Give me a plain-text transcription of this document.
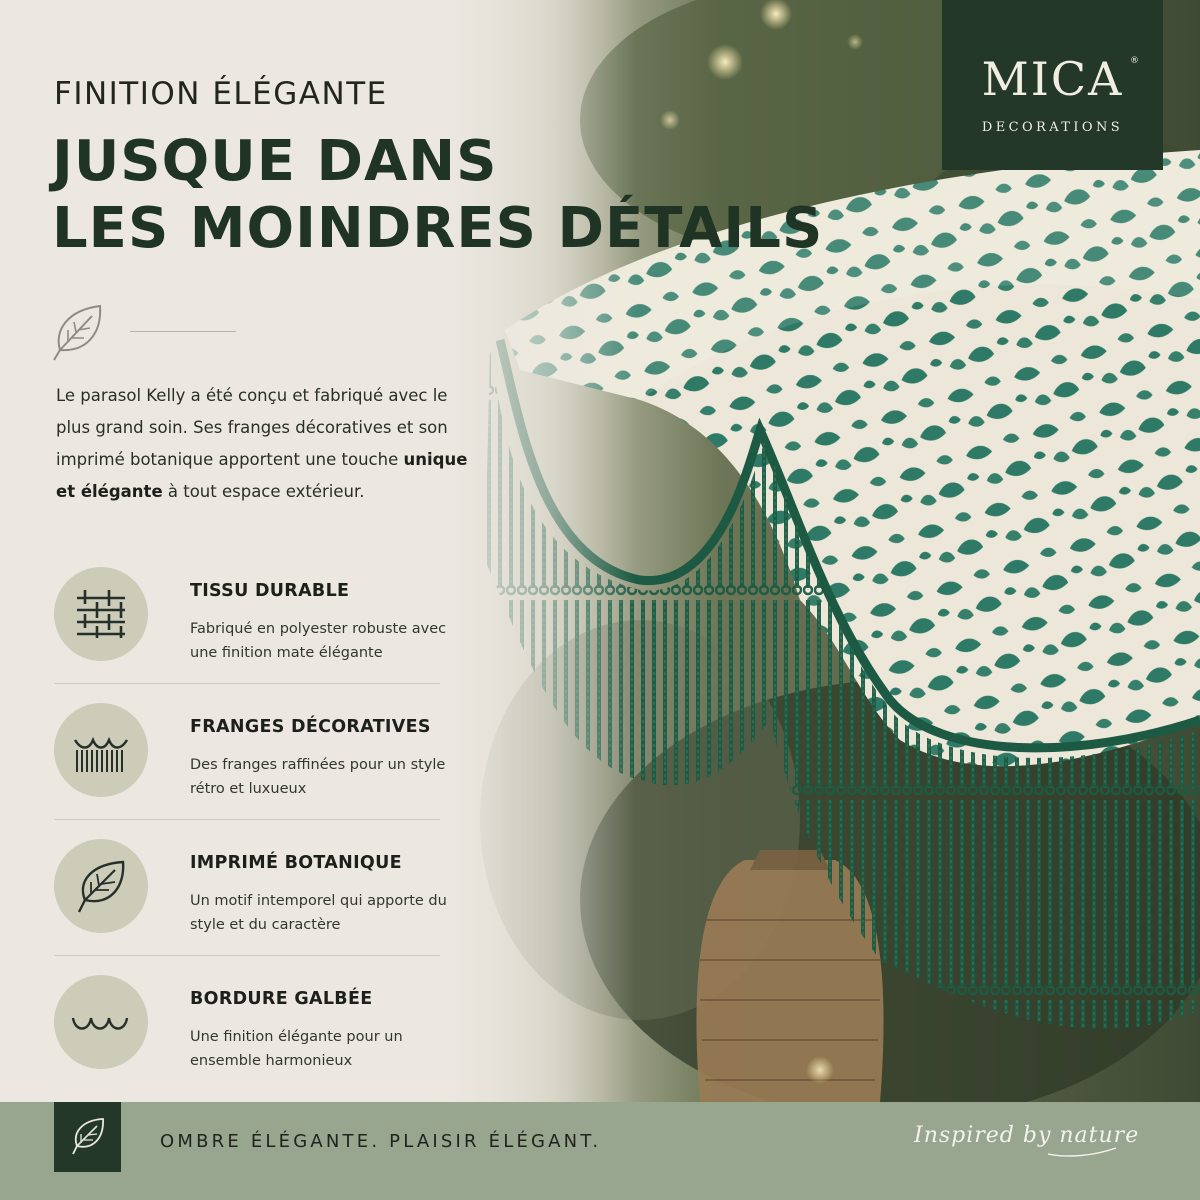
MICA ®
DECORATIONS
FINITION ÉLÉGANTE
JUSQUE DANS
LES MOINDRES DÉTAILS
Le parasol Kelly a été conçu et fabriqué avec le plus grand soin. Ses franges décoratives et son imprimé botanique apportent une touche unique et élégante à tout espace extérieur.
TISSU DURABLE
Fabriqué en polyester robuste avec une finition mate élégante
FRANGES DÉCORATIVES
Des franges raffinées pour un style rétro et luxueux
IMPRIMÉ BOTANIQUE
Un motif intemporel qui apporte du style et du caractère
BORDURE GALBÉE
Une finition élégante pour un ensemble harmonieux
OMBRE ÉLÉGANTE. PLAISIR ÉLÉGANT.	Inspired by nature
